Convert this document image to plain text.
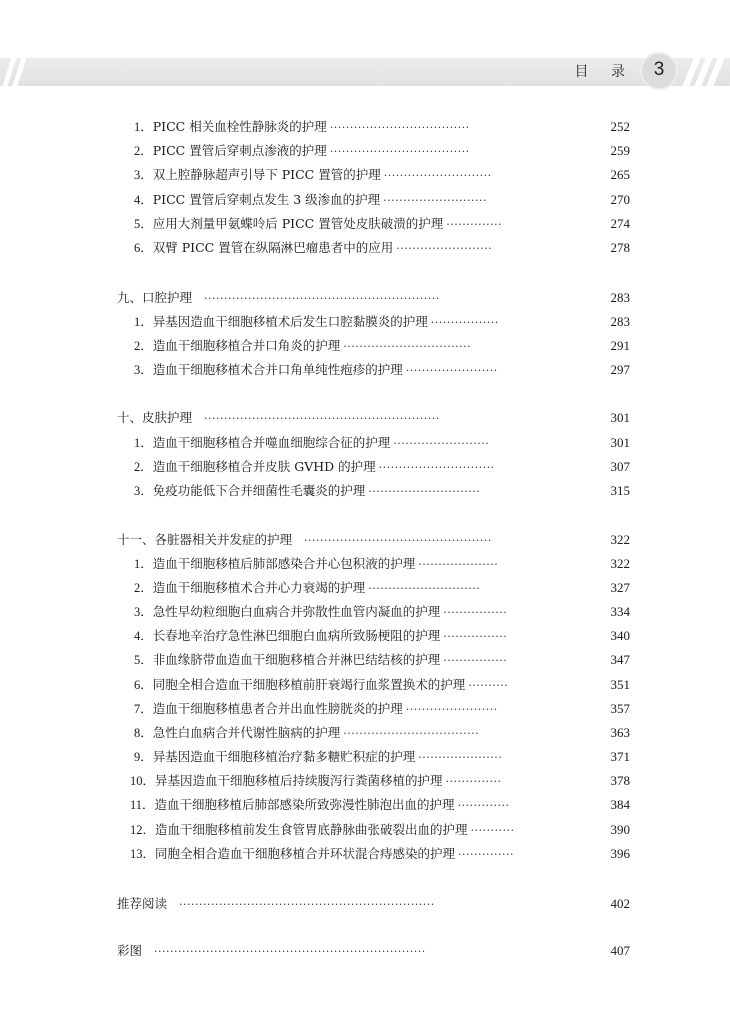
目 录	3
1． PICC 相关血栓性静脉炎的护理 ···································	252
2． PICC 置管后穿刺点渗液的护理 ···································	259
3． 双上腔静脉超声引导下 PICC 置管的护理 ···························	265
4． PICC 置管后穿刺点发生 3 级渗血的护理 ··························	270
5． 应用大剂量甲氨蝶呤后 PICC 置管处皮肤破溃的护理 ··············	274
6． 双臂 PICC 置管在纵隔淋巴瘤患者中的应用 ························	278
九、口腔护理 ···························································	283
1． 异基因造血干细胞移植术后发生口腔黏膜炎的护理 ·················	283
2． 造血干细胞移植合并口角炎的护理 ································	291
3． 造血干细胞移植术合并口角单纯性疱疹的护理 ·······················	297
十、皮肤护理 ···························································	301
1． 造血干细胞移植合并噬血细胞综合征的护理 ························	301
2． 造血干细胞移植合并皮肤 GVHD 的护理 ·····························	307
3． 免疫功能低下合并细菌性毛囊炎的护理 ····························	315
十一、各脏器相关并发症的护理 ···············································	322
1． 造血干细胞移植后肺部感染合并心包积液的护理 ····················	322
2． 造血干细胞移植术合并心力衰竭的护理 ····························	327
3． 急性早幼粒细胞白血病合并弥散性血管内凝血的护理 ················	334
4． 长春地辛治疗急性淋巴细胞白血病所致肠梗阻的护理 ················	340
5． 非血缘脐带血造血干细胞移植合并淋巴结结核的护理 ················	347
6． 同胞全相合造血干细胞移植前肝衰竭行血浆置换术的护理 ··········	351
7． 造血干细胞移植患者合并出血性膀胱炎的护理 ·······················	357
8． 急性白血病合并代谢性脑病的护理 ··································	363
9． 异基因造血干细胞移植治疗黏多糖贮积症的护理 ·····················	371
10． 异基因造血干细胞移植后持续腹泻行粪菌移植的护理 ··············	378
11． 造血干细胞移植后肺部感染所致弥漫性肺泡出血的护理 ·············	384
12． 造血干细胞移植前发生食管胃底静脉曲张破裂出血的护理 ···········	390
13． 同胞全相合造血干细胞移植合并环状混合痔感染的护理 ··············	396
推荐阅读 ································································	402
彩图 ····································································	407
